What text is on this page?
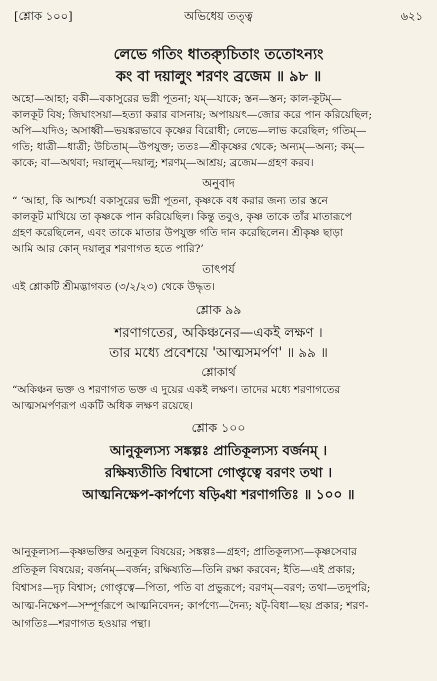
[শ্লোক ১০০]	অভিধেয় তত্ত্ব	৬২১
লেভে গতিং ধাত্র্যুচিতাং ততোঽন্যং
কং বা দয়ালুং শরণং ব্রজেম ॥ ৯৮ ॥
অহো—আহা; বকী—বকাসুরের ভগ্নী পূতনা; যম্—যাকে; স্তন—স্তন; কাল-কূটম্—
কালকূট বিষ; জিঘাংসয়া—হত্যা করার বাসনায়; অপায়য়ৎ—জোর করে পান করিয়েছিল;
অপি—যদিও; অসাধ্বী—ভয়ঙ্করভাবে কৃষ্ণের বিরোধী; লেভে—লাভ করেছিল; গতিম্—
গতি; ধাত্রী—ধাত্রী; উচিতাম্—উপযুক্ত; ততঃ—শ্রীকৃষ্ণের থেকে; অন্যম্—অন্য; কম্—
কাকে; বা—অথবা; দয়ালুম্—দয়ালু; শরণম্—আশ্রয়; ব্রজেম—গ্রহণ করব।
অনুবাদ
“ ‘আহা, কি আশ্চর্য! বকাসুরের ভগ্নী পূতনা, কৃষ্ণকে বধ করার জন্য তার স্তনে
কালকূট মাখিয়ে তা কৃষ্ণকে পান করিয়েছিল। কিন্তু তবুও, কৃষ্ণ তাকে তাঁর মাতারূপে
গ্রহণ করেছিলেন, এবং তাকে মাতার উপযুক্ত গতি দান করেছিলেন। শ্রীকৃষ্ণ ছাড়া
আমি আর কোন্ দয়ালুর শরণাগত হতে পারি?’
তাৎপর্য
এই শ্লোকটি শ্রীমদ্ভাগবত (৩/২/২৩) থেকে উদ্ধৃত।
শ্লোক ৯৯
শরণাগতের, অকিঞ্চনের—একই লক্ষণ ।
তার মধ্যে প্রবেশয়ে 'আত্মসমর্পণ' ॥ ৯৯ ॥
শ্লোকার্থ
“অকিঞ্চন ভক্ত ও শরণাগত ভক্ত এ দুয়ের একই লক্ষণ। তাদের মধ্যে শরণাগতের
আত্মসমর্পণরূপ একটি অধিক লক্ষণ রয়েছে।
শ্লোক ১০০
আনুকূল্যস্য সঙ্কল্পঃ প্রাতিকূল্যস্য বর্জনম্ ।
রক্ষিষ্যতীতি বিশ্বাসো গোপ্তৃত্বে বরণং তথা ।
আত্মনিক্ষেপ-কার্পণ্যে ষড়্বিধা শরণাগতিঃ ॥ ১০০ ॥
আনুকূল্যস্য—কৃষ্ণভক্তির অনুকূল বিষয়ের; সঙ্কল্পঃ—গ্রহণ; প্রাতিকূল্যস্য—কৃষ্ণসেবার
প্রতিকূল বিষয়ের; বর্জনম্—বর্জন; রক্ষিষ্যতি—তিনি রক্ষা করবেন; ইতি—এই প্রকার;
বিশ্বাসঃ—দৃঢ় বিশ্বাস; গোপ্তৃত্বে—পিতা, পতি বা প্রভুরূপে; বরণম্—বরণ; তথা—তদুপরি;
আত্ম-নিক্ষেপ—সম্পূর্ণরূপে আত্মনিবেদন; কার্পণ্যে—দৈন্য; ষট্-বিধা—ছয় প্রকার; শরণ-
আগতিঃ—শরণাগত হওয়ার পন্থা।
